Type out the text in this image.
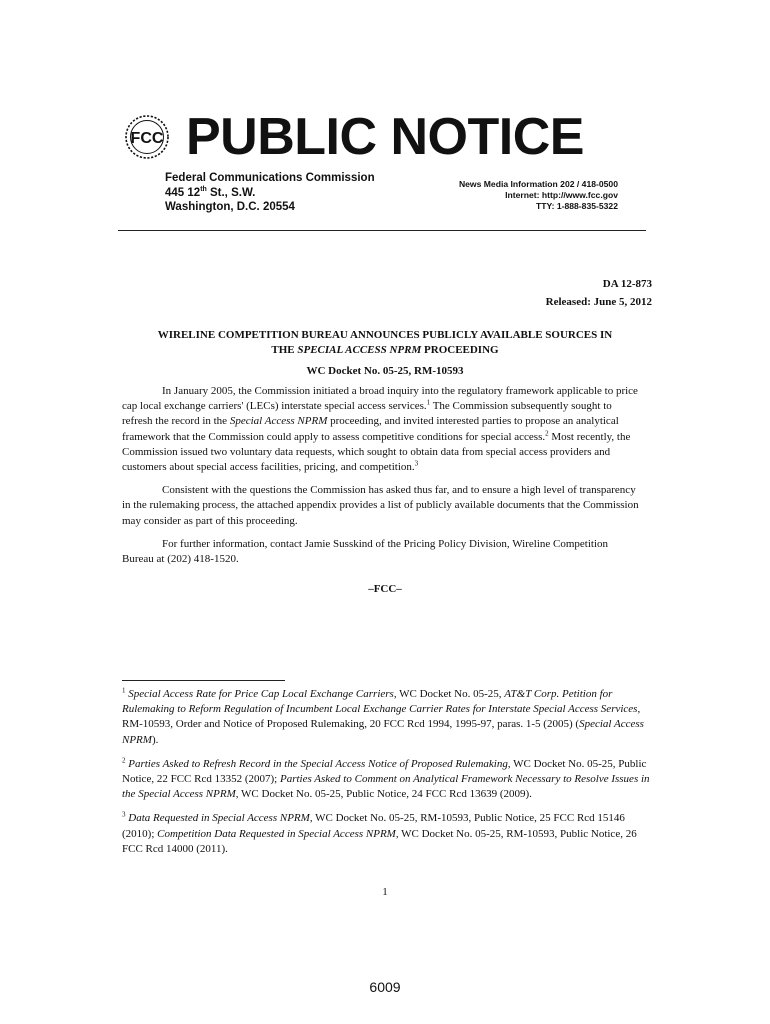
FCC PUBLIC NOTICE
Federal Communications Commission
445 12th St., S.W.
Washington, D.C. 20554
News Media Information 202 / 418-0500
Internet: http://www.fcc.gov
TTY: 1-888-835-5322
DA 12-873
Released: June 5, 2012
WIRELINE COMPETITION BUREAU ANNOUNCES PUBLICLY AVAILABLE SOURCES IN
THE SPECIAL ACCESS NPRM PROCEEDING
WC Docket No. 05-25, RM-10593

In January 2005, the Commission initiated a broad inquiry into the regulatory framework applicable to price cap local exchange carriers' (LECs) interstate special access services.$^1$ The Commission subsequently sought to refresh the record in the Special Access NPRM proceeding, and invited interested parties to propose an analytical framework that the Commission could apply to assess competitive conditions for special access.$^2$ Most recently, the Commission issued two voluntary data requests, which sought to obtain data from special access providers and customers about special access facilities, pricing, and competition.$^3$

Consistent with the questions the Commission has asked thus far, and to ensure a high level of transparency in the rulemaking process, the attached appendix provides a list of publicly available documents that the Commission may consider as part of this proceeding.

For further information, contact Jamie Susskind of the Pricing Policy Division, Wireline Competition Bureau at (202) 418-1520.

–FCC–

$^1$ Special Access Rate for Price Cap Local Exchange Carriers, WC Docket No. 05-25, AT&T Corp. Petition for Rulemaking to Reform Regulation of Incumbent Local Exchange Carrier Rates for Interstate Special Access Services, RM-10593, Order and Notice of Proposed Rulemaking, 20 FCC Rcd 1994, 1995-97, paras. 1-5 (2005) (Special Access NPRM).

$^2$ Parties Asked to Refresh Record in the Special Access Notice of Proposed Rulemaking, WC Docket No. 05-25, Public Notice, 22 FCC Rcd 13352 (2007); Parties Asked to Comment on Analytical Framework Necessary to Resolve Issues in the Special Access NPRM, WC Docket No. 05-25, Public Notice, 24 FCC Rcd 13639 (2009).

$^3$ Data Requested in Special Access NPRM, WC Docket No. 05-25, RM-10593, Public Notice, 25 FCC Rcd 15146 (2010); Competition Data Requested in Special Access NPRM, WC Docket No. 05-25, RM-10593, Public Notice, 26 FCC Rcd 14000 (2011).

1
6009
